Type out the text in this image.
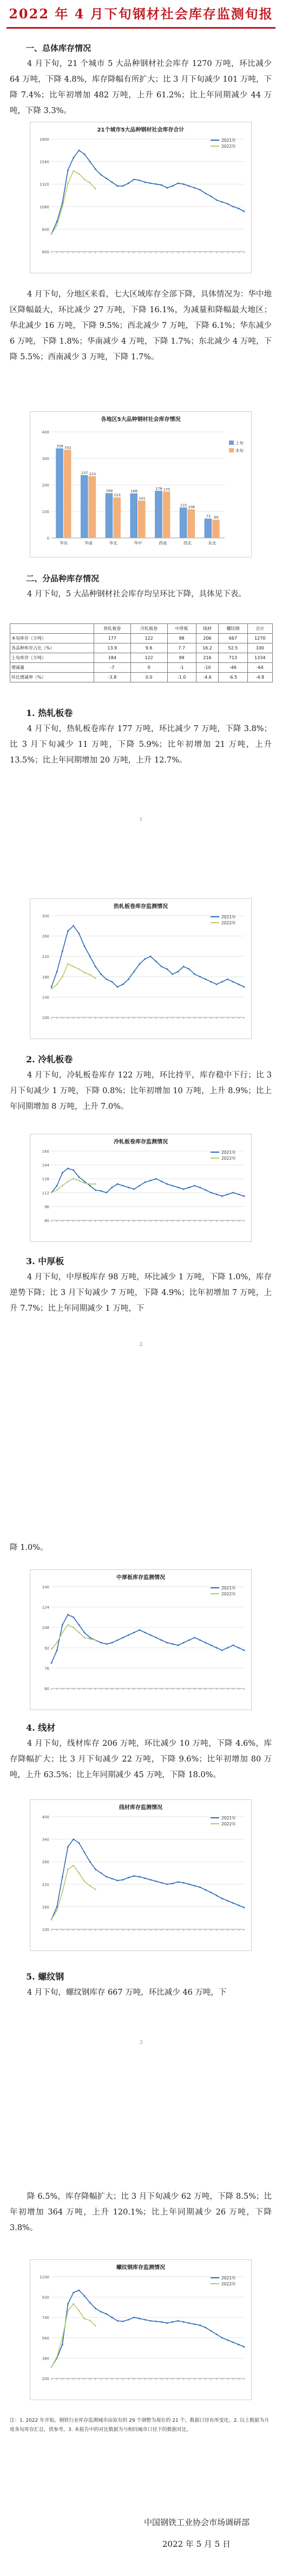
2022 年 4 月下旬钢材社会库存监测旬报
一、总体库存情况
4 月下旬，21 个城市 5 大品种钢材社会库存 1270 万吨，环比减少 64 万吨，下降 4.8%，库存降幅有所扩大；比 3 月下旬减少 101 万吨，下降 7.4%；比年初增加 482 万吨，上升 61.2%；比上年同期减少 44 万吨，下降 3.3%。
21个城市5大品种钢材社会库存合计
600
840
1080
1320
1560
1800	2021年
2022年
4 月下旬，分地区来看，七大区域库存全部下降，具体情况为：华中地区降幅最大，环比减少 27 万吨，下降 16.1%，为减量和降幅最大地区；华北减少 16 万吨，下降 9.5%；西北减少 7 万吨，下降 6.1%；华东减少 6 万吨，下降 1.8%；华南减少 4 万吨，下降 1.7%；东北减少 4 万吨，下降 5.5%；西南减少 3 万吨，下降 1.7%。
各地区5大品种钢材社会库存情况
0
100
200
300
400
338 332
华东
237 233
华南
169
153
华北
168
141
华中
178 175
西南
115 108
西北
73 69
东北
上旬
本旬
二、分品种库存情况
4 月下旬，5 大品种钢材社会库存均呈环比下降，具体见下表。
	热轧板卷	冷轧板卷	中厚板	线材	螺纹钢	合计
本旬库存（万吨）	177	122	98	206	667	1270
各品种库存占比（%）	13.9	9.6	7.7	16.2	52.5	100
上旬库存（万吨）	184	122	99	216	713	1334
增减量	-7	0	-1	-10	-46	-64
环比增减率（%）	-3.8	0.0	-1.0	-4.6	-6.5	-4.8
1. 热轧板卷
4 月下旬，热轧板卷库存 177 万吨，环比减少 7 万吨，下降 3.8%；比 3 月下旬减少 11 万吨，下降 5.9%；比年初增加 21 万吨，上升 13.5%；比上年同期增加 20 万吨，上升 12.7%。
1
热轧板卷库存监测情况
100
140
180
220
260
300	2021年
2022年
2. 冷轧板卷
4 月下旬，冷轧板卷库存 122 万吨，环比持平，库存稳中下行；比 3 月下旬减少 1 万吨，下降 0.8%；比年初增加 10 万吨，上升 8.9%；比上年同期增加 8 万吨，上升 7.0%。
冷轧板卷库存监测情况
80
96
112
128
144
160	2021年
2022年
3. 中厚板
4 月下旬，中厚板库存 98 万吨，环比减少 1 万吨，下降 1.0%，库存逆势下降；比 3 月下旬减少 7 万吨，下降 4.9%；比年初增加 7 万吨，上升 7.7%；比上年同期减少 1 万吨，下
2
降 1.0%。
中厚板库存监测情况
60
76
92
108
124
140	2021年
2022年
4. 线材
4 月下旬，线材库存 206 万吨，环比减少 10 万吨，下降 4.6%，库存降幅扩大；比 3 月下旬减少 22 万吨，下降 9.6%；比年初增加 80 万吨，上升 63.5%；比上年同期减少 45 万吨，下降 18.0%。
线材库存监测情况
100
160
220
280
340
400	2021年
2022年
5. 螺纹钢
4 月下旬，螺纹钢库存 667 万吨，环比减少 46 万吨，下
3
降 6.5%，库存降幅扩大；比 3 月下旬减少 62 万吨，下降 8.5%；比年初增加 364 万吨，上升 120.1%；比上年同期减少 26 万吨，下降 3.8%。
螺纹钢库存监测情况
200
380
560
740
920
1100	2021年
2022年
注：1. 2022 年开始，钢铁行业库存监测城市由原有的 29 个调整为现在的 21 个，数据口径有所变化。2. 以上数据为月度各旬库存汇总，供参考。3. 本报告中的对比数据为与相同城市口径下的数据对比。
中国钢铁工业协会市场调研部
2022 年 5 月 5 日
